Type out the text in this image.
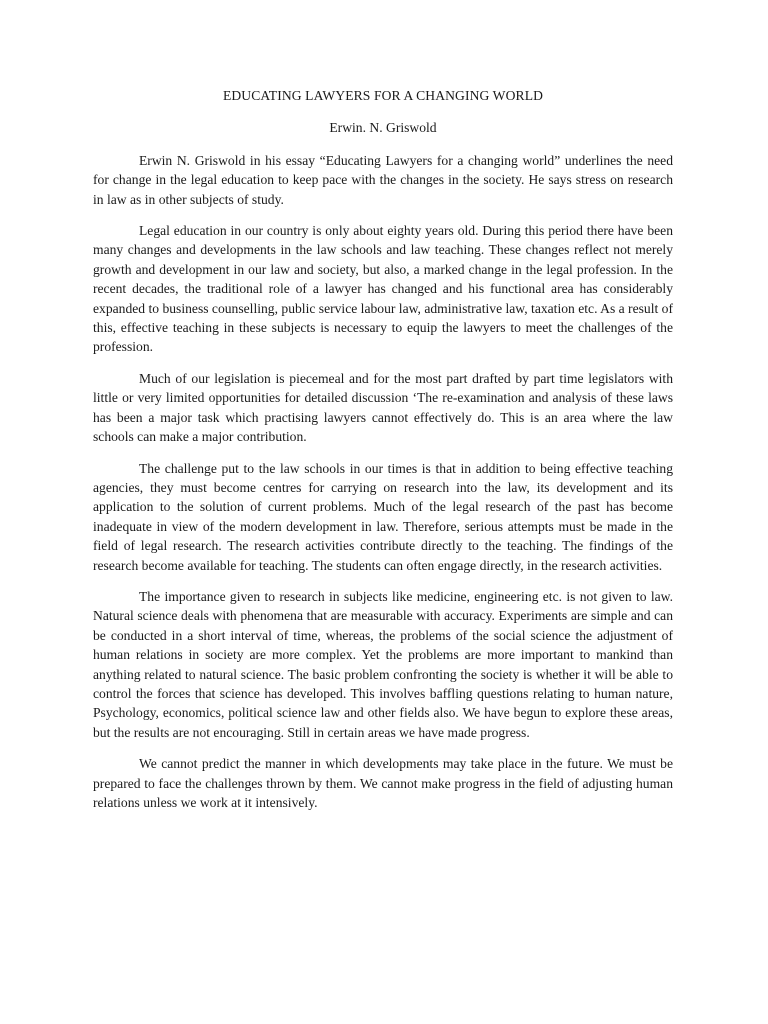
EDUCATING LAWYERS FOR A CHANGING WORLD
Erwin. N. Griswold

Erwin N. Griswold in his essay “Educating Lawyers for a changing world” underlines the need for change in the legal education to keep pace with the changes in the society. He says stress on research in law as in other subjects of study.

Legal education in our country is only about eighty years old. During this period there have been many changes and developments in the law schools and law teaching. These changes reflect not merely growth and development in our law and society, but also, a marked change in the legal profession. In the recent decades, the traditional role of a lawyer has changed and his functional area has considerably expanded to business counselling, public service labour law, administrative law, taxation etc. As a result of this, effective teaching in these subjects is necessary to equip the lawyers to meet the challenges of the profession.

Much of our legislation is piecemeal and for the most part drafted by part time legislators with little or very limited opportunities for detailed discussion ‘The re-examination and analysis of these laws has been a major task which practising lawyers cannot effectively do. This is an area where the law schools can make a major contribution.

The challenge put to the law schools in our times is that in addition to being effective teaching agencies, they must become centres for carrying on research into the law, its development and its application to the solution of current problems. Much of the legal research of the past has become inadequate in view of the modern development in law. Therefore, serious attempts must be made in the field of legal research. The research activities contribute directly to the teaching. The findings of the research become available for teaching. The students can often engage directly, in the research activities.

The importance given to research in subjects like medicine, engineering etc. is not given to law. Natural science deals with phenomena that are measurable with accuracy. Experiments are simple and can be conducted in a short interval of time, whereas, the problems of the social science the adjustment of human relations in society are more complex. Yet the problems are more important to mankind than anything related to natural science. The basic problem confronting the society is whether it will be able to control the forces that science has developed. This involves baffling questions relating to human nature, Psychology, economics, political science law and other fields also. We have begun to explore these areas, but the results are not encouraging. Still in certain areas we have made progress.

We cannot predict the manner in which developments may take place in the future. We must be prepared to face the challenges thrown by them. We cannot make progress in the field of adjusting human relations unless we work at it intensively.
